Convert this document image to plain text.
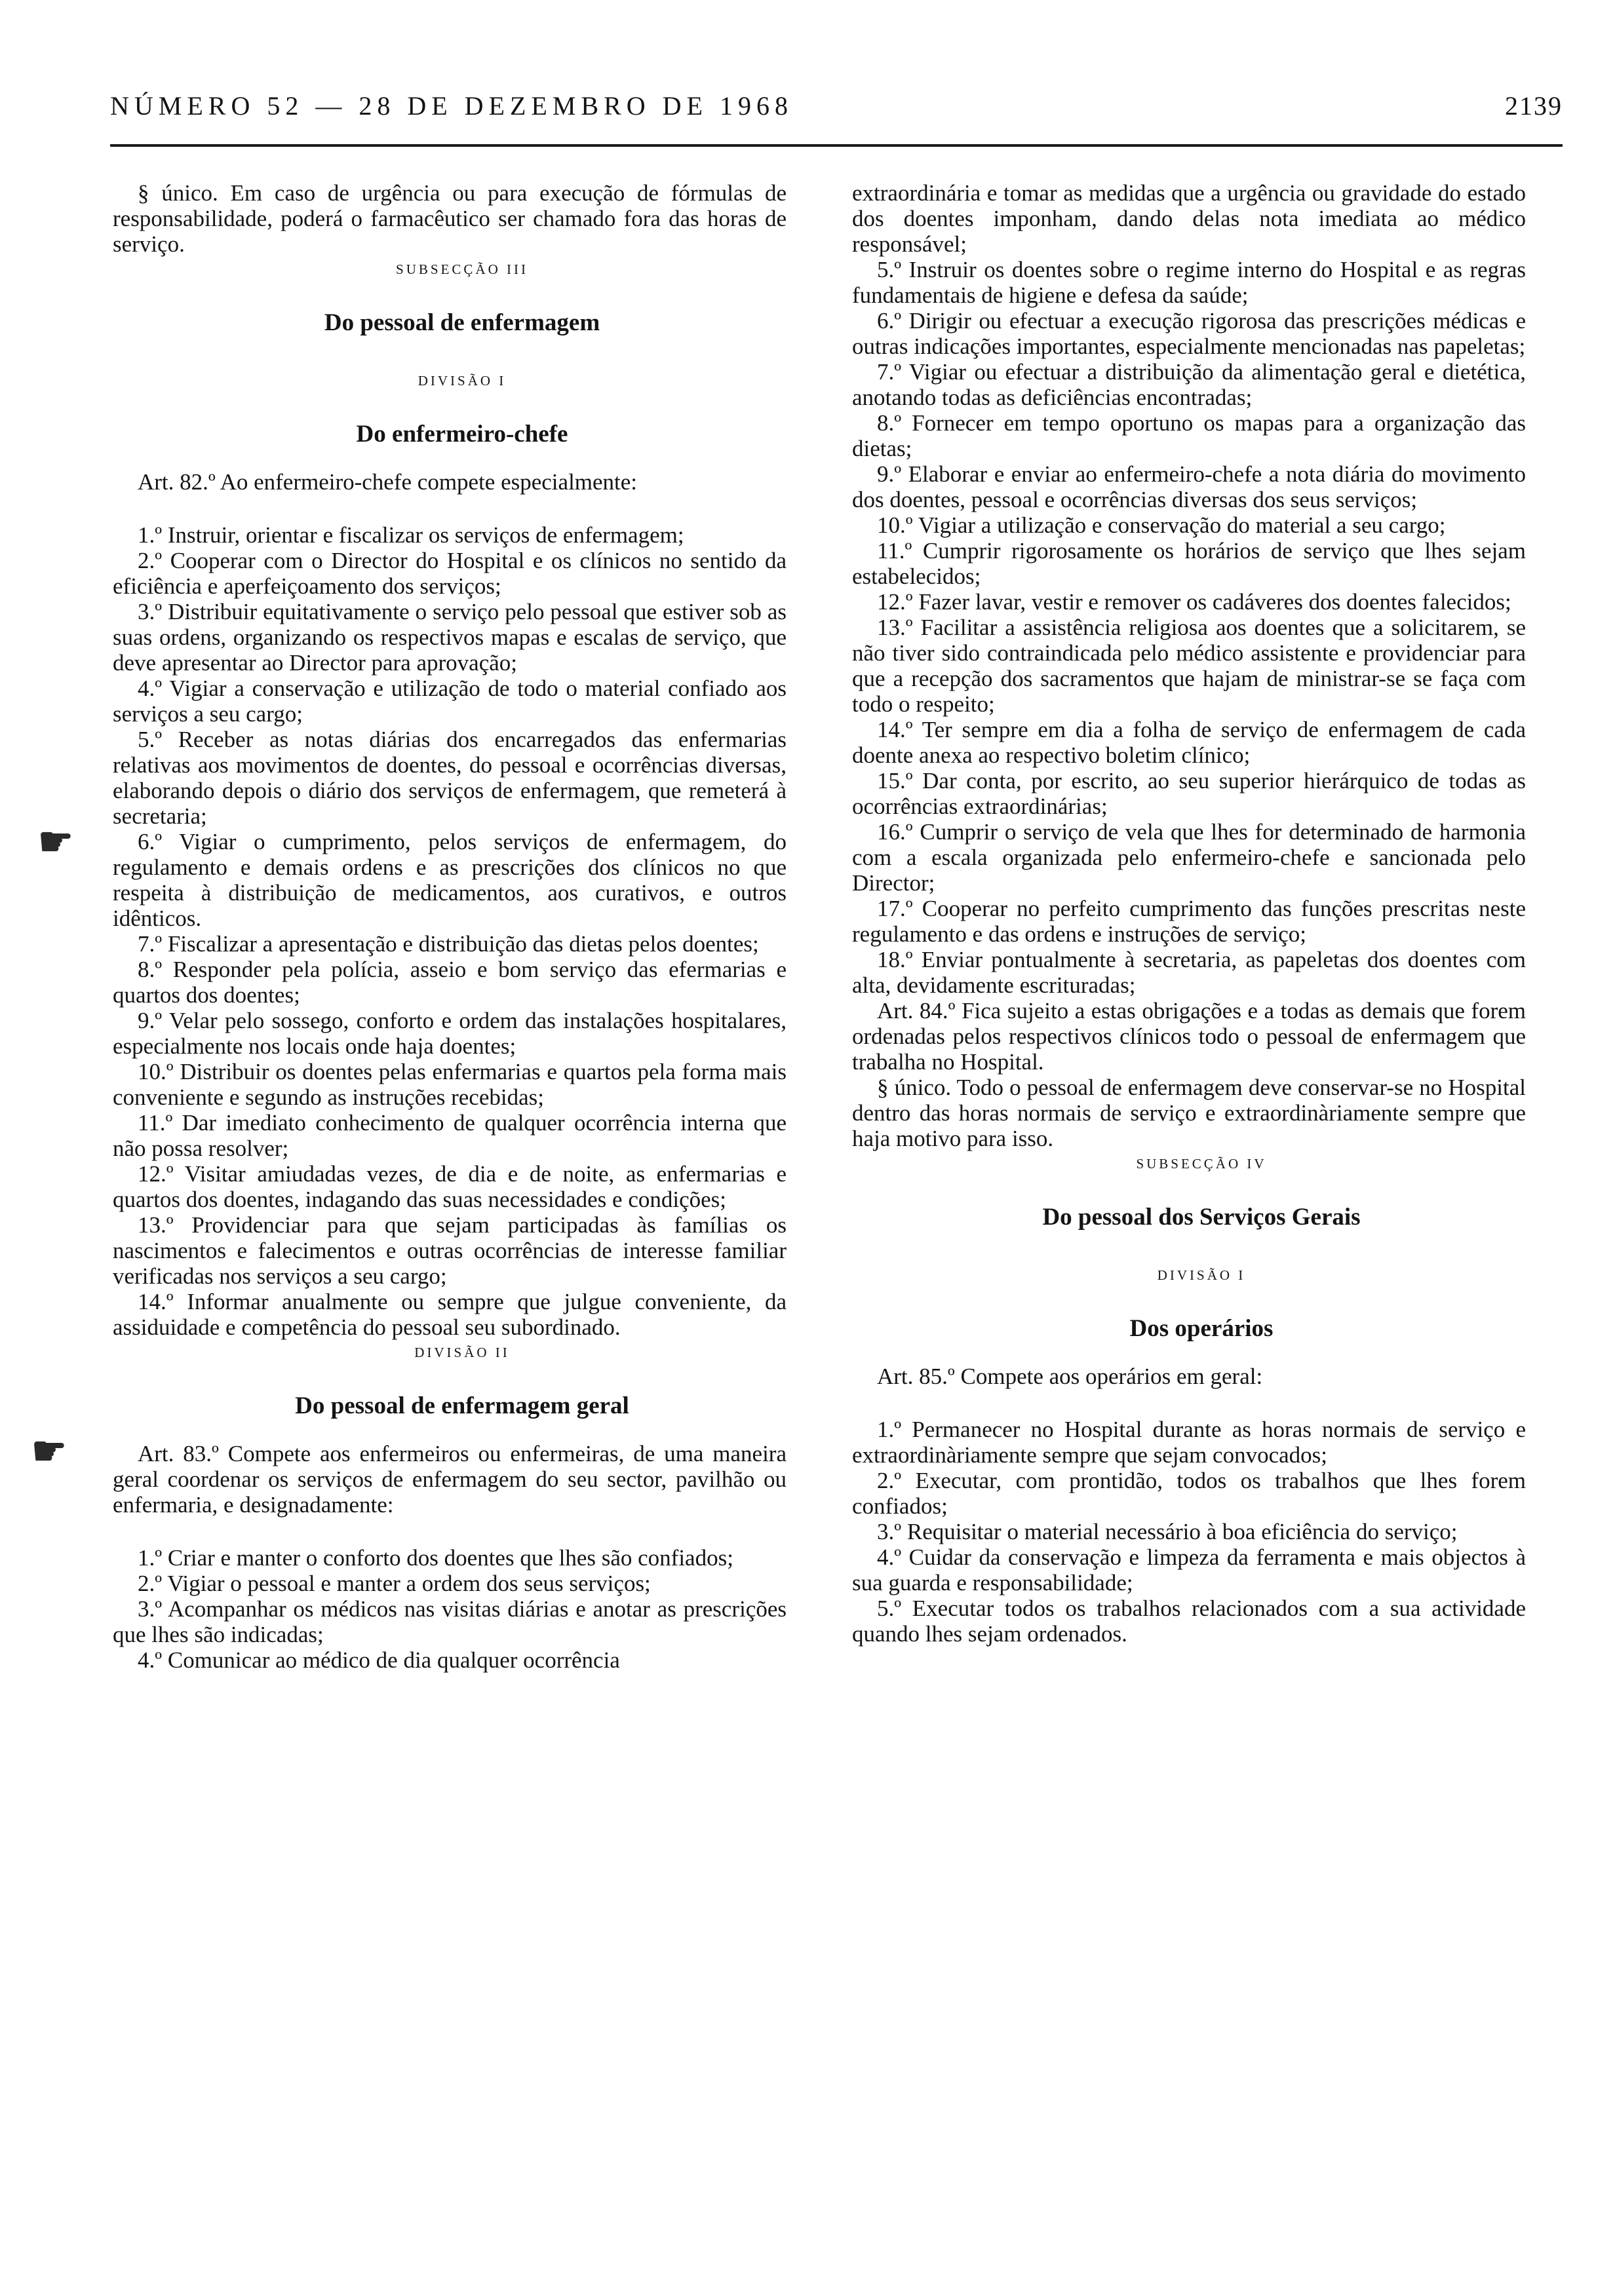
NÚMERO 52 — 28 DE DEZEMBRO DE 1968	2139

§ único. Em caso de urgência ou para execução de fórmulas de responsabilidade, poderá o farmacêutico ser chamado fora das horas de serviço.

SUBSECÇÃO III

Do pessoal de enfermagem

DIVISÃO I

Do enfermeiro-chefe

Art. 82.º Ao enfermeiro-chefe compete especialmente:

1.º Instruir, orientar e fiscalizar os serviços de enfermagem;

2.º Cooperar com o Director do Hospital e os clínicos no sentido da eficiência e aperfeiçoamento dos serviços;

3.º Distribuir equitativamente o serviço pelo pessoal que estiver sob as suas ordens, organizando os respectivos mapas e escalas de serviço, que deve apresentar ao Director para aprovação;

4.º Vigiar a conservação e utilização de todo o material confiado aos serviços a seu cargo;

5.º Receber as notas diárias dos encarregados das enfermarias relativas aos movimentos de doentes, do pessoal e ocorrências diversas, elaborando depois o diário dos serviços de enfermagem, que remeterá à secretaria;

6.º Vigiar o cumprimento, pelos serviços de enfermagem, do regulamento e demais ordens e as prescrições dos clínicos no que respeita à distribuição de medicamentos, aos curativos, e outros idênticos.

7.º Fiscalizar a apresentação e distribuição das dietas pelos doentes;

8.º Responder pela polícia, asseio e bom serviço das efermarias e quartos dos doentes;

9.º Velar pelo sossego, conforto e ordem das instalações hospitalares, especialmente nos locais onde haja doentes;

10.º Distribuir os doentes pelas enfermarias e quartos pela forma mais conveniente e segundo as instruções recebidas;

11.º Dar imediato conhecimento de qualquer ocorrência interna que não possa resolver;

12.º Visitar amiudadas vezes, de dia e de noite, as enfermarias e quartos dos doentes, indagando das suas necessidades e condições;

13.º Providenciar para que sejam participadas às famílias os nascimentos e falecimentos e outras ocorrências de interesse familiar verificadas nos serviços a seu cargo;

14.º Informar anualmente ou sempre que julgue conveniente, da assiduidade e competência do pessoal seu subordinado.

DIVISÃO II

Do pessoal de enfermagem geral

Art. 83.º Compete aos enfermeiros ou enfermeiras, de uma maneira geral coordenar os serviços de enfermagem do seu sector, pavilhão ou enfermaria, e designadamente:

1.º Criar e manter o conforto dos doentes que lhes são confiados;

2.º Vigiar o pessoal e manter a ordem dos seus serviços;

3.º Acompanhar os médicos nas visitas diárias e anotar as prescrições que lhes são indicadas;

4.º Comunicar ao médico de dia qualquer ocorrência

extraordinária e tomar as medidas que a urgência ou gravidade do estado dos doentes imponham, dando delas nota imediata ao médico responsável;

5.º Instruir os doentes sobre o regime interno do Hospital e as regras fundamentais de higiene e defesa da saúde;

6.º Dirigir ou efectuar a execução rigorosa das prescrições médicas e outras indicações importantes, especialmente mencionadas nas papeletas;

7.º Vigiar ou efectuar a distribuição da alimentação geral e dietética, anotando todas as deficiências encontradas;

8.º Fornecer em tempo oportuno os mapas para a organização das dietas;

9.º Elaborar e enviar ao enfermeiro-chefe a nota diária do movimento dos doentes, pessoal e ocorrências diversas dos seus serviços;

10.º Vigiar a utilização e conservação do material a seu cargo;

11.º Cumprir rigorosamente os horários de serviço que lhes sejam estabelecidos;

12.º Fazer lavar, vestir e remover os cadáveres dos doentes falecidos;

13.º Facilitar a assistência religiosa aos doentes que a solicitarem, se não tiver sido contraindicada pelo médico assistente e providenciar para que a recepção dos sacramentos que hajam de ministrar-se se faça com todo o respeito;

14.º Ter sempre em dia a folha de serviço de enfermagem de cada doente anexa ao respectivo boletim clínico;

15.º Dar conta, por escrito, ao seu superior hierárquico de todas as ocorrências extraordinárias;

16.º Cumprir o serviço de vela que lhes for determinado de harmonia com a escala organizada pelo enfermeiro-chefe e sancionada pelo Director;

17.º Cooperar no perfeito cumprimento das funções prescritas neste regulamento e das ordens e instruções de serviço;

18.º Enviar pontualmente à secretaria, as papeletas dos doentes com alta, devidamente escrituradas;

Art. 84.º Fica sujeito a estas obrigações e a todas as demais que forem ordenadas pelos respectivos clínicos todo o pessoal de enfermagem que trabalha no Hospital.

§ único. Todo o pessoal de enfermagem deve conservar-se no Hospital dentro das horas normais de serviço e extraordinàriamente sempre que haja motivo para isso.

SUBSECÇÃO IV

Do pessoal dos Serviços Gerais

DIVISÃO I

Dos operários

Art. 85.º Compete aos operários em geral:

1.º Permanecer no Hospital durante as horas normais de serviço e extraordinàriamente sempre que sejam convocados;

2.º Executar, com prontidão, todos os trabalhos que lhes forem confiados;

3.º Requisitar o material necessário à boa eficiência do serviço;

4.º Cuidar da conservação e limpeza da ferramenta e mais objectos à sua guarda e responsabilidade;

5.º Executar todos os trabalhos relacionados com a sua actividade quando lhes sejam ordenados.

☛
☛
